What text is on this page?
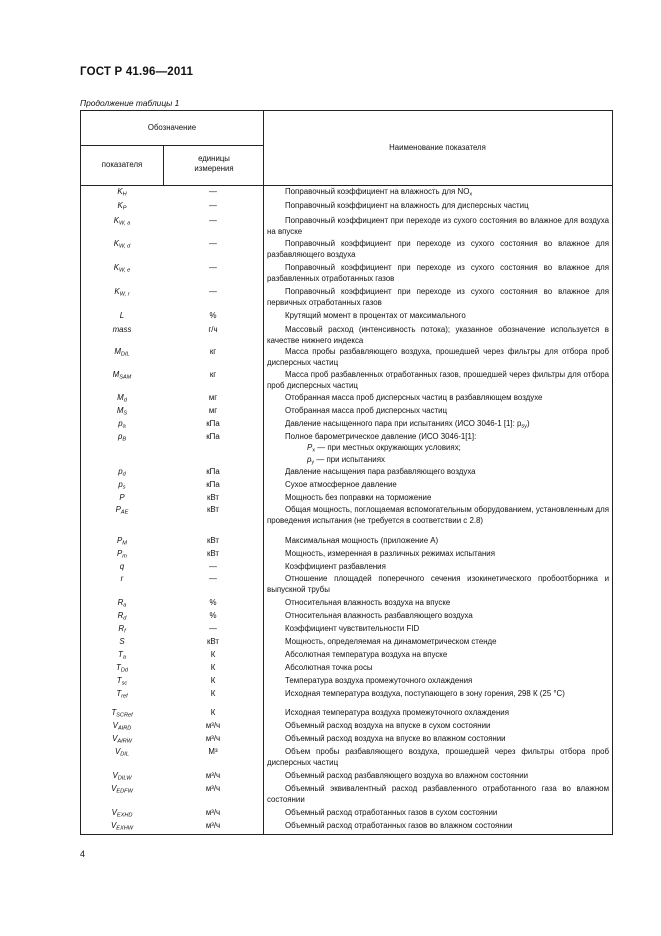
ГОСТ Р 41.96—2011
Продолжение таблицы 1
Обозначение
показателя
единицы измерения
Наименование показателя
$K_H$	—	Поправочный коэффициент на влажность для $NO_x$
$K_P$	—	Поправочный коэффициент на влажность для дисперсных частиц
$K_{W, a}$	—	Поправочный коэффициент при переходе из сухого состояния во влажное для воздуха на впуске
$K_{W, d}$	—	Поправочный коэффициент при переходе из сухого состояния во влажное для разбавляющего воздуха
$K_{W, e}$	—	Поправочный коэффициент при переходе из сухого состояния во влажное для разбавленных отработанных газов
$K_{W, r}$	—	Поправочный коэффициент при переходе из сухого состояния во влажное для первичных отработанных газов
L	%	Крутящий момент в процентах от максимального
mass	г/ч	Массовый расход (интенсивность потока); указанное обозначение используется в качестве нижнего индекса
$M_{DIL}$	кг	Масса пробы разбавляющего воздуха, прошедшей через фильтры для отбора проб дисперсных частиц
$M_{SAM}$	кг	Масса проб разбавленных отработанных газов, прошедшей через фильтры для отбора проб дисперсных частиц
$M_d$	мг	Отобранная масса проб дисперсных частиц в разбавляющем воздухе
$M_S$	мг	Отобранная масса проб дисперсных частиц
$p_a$	кПа	Давление насыщенного пара при испытаниях (ИСО 3046-1 [1]: $p_{sy}$)
$p_B$	кПа	Полное барометрическое давление (ИСО 3046-1[1]:
$P_x$ — при местных окружающих условиях;
$p_y$ — при испытаниях
$p_d$	кПа	Давление насыщения пара разбавляющего воздуха
$p_s$	кПа	Сухое атмосферное давление
P	кВт	Мощность без поправки на торможение
$P_{AE}$	кВт	Общая мощность, поглощаемая вспомогательным оборудованием, установленным для проведения испытания (не требуется в соответствии с 2.8)
$P_M$	кВт	Максимальная мощность (приложение А)
$P_m$	кВт	Мощность, измеренная в различных режимах испытания
q	—	Коэффициент разбавления
r	—	Отношение площадей поперечного сечения изокинетического пробоотборника и выпускной трубы
$R_a$	%	Относительная влажность воздуха на впуске
$R_d$	%	Относительная влажность разбавляющего воздуха
$R_f$	—	Коэффициент чувствительности FID
S	кВт	Мощность, определяемая на динамометрическом стенде
$T_a$	К	Абсолютная температура воздуха на впуске
$T_{Dd}$	К	Абсолютная точка росы
$T_{sc}$	К	Температура воздуха промежуточного охлаждения
$T_{ref}$	К	Исходная температура воздуха, поступающего в зону горения, 298 К (25 °С)
$T_{SCRef}$	К	Исходная температура воздуха промежуточного охлаждения
$V_{AIRD}$	м³/ч	Объемный расход воздуха на впуске в сухом состоянии
$V_{AIRW}$	м³/ч	Объемный расход воздуха на впуске во влажном состоянии
$V_{DIL}$	М³	Объем пробы разбавляющего воздуха, прошедшей через фильтры отбора проб дисперсных частиц
$V_{DILW}$	м³/ч	Объемный расход разбавляющего воздуха во влажном состоянии
$V_{EDFW}$	м³/ч	Объемный эквивалентный расход разбавленного отработанного газа во влажном состоянии
$V_{EXHD}$	м³/ч	Объемный расход отработанных газов в сухом состоянии
$V_{EXHW}$	м³/ч	Объемный расход отработанных газов во влажном состоянии
4
